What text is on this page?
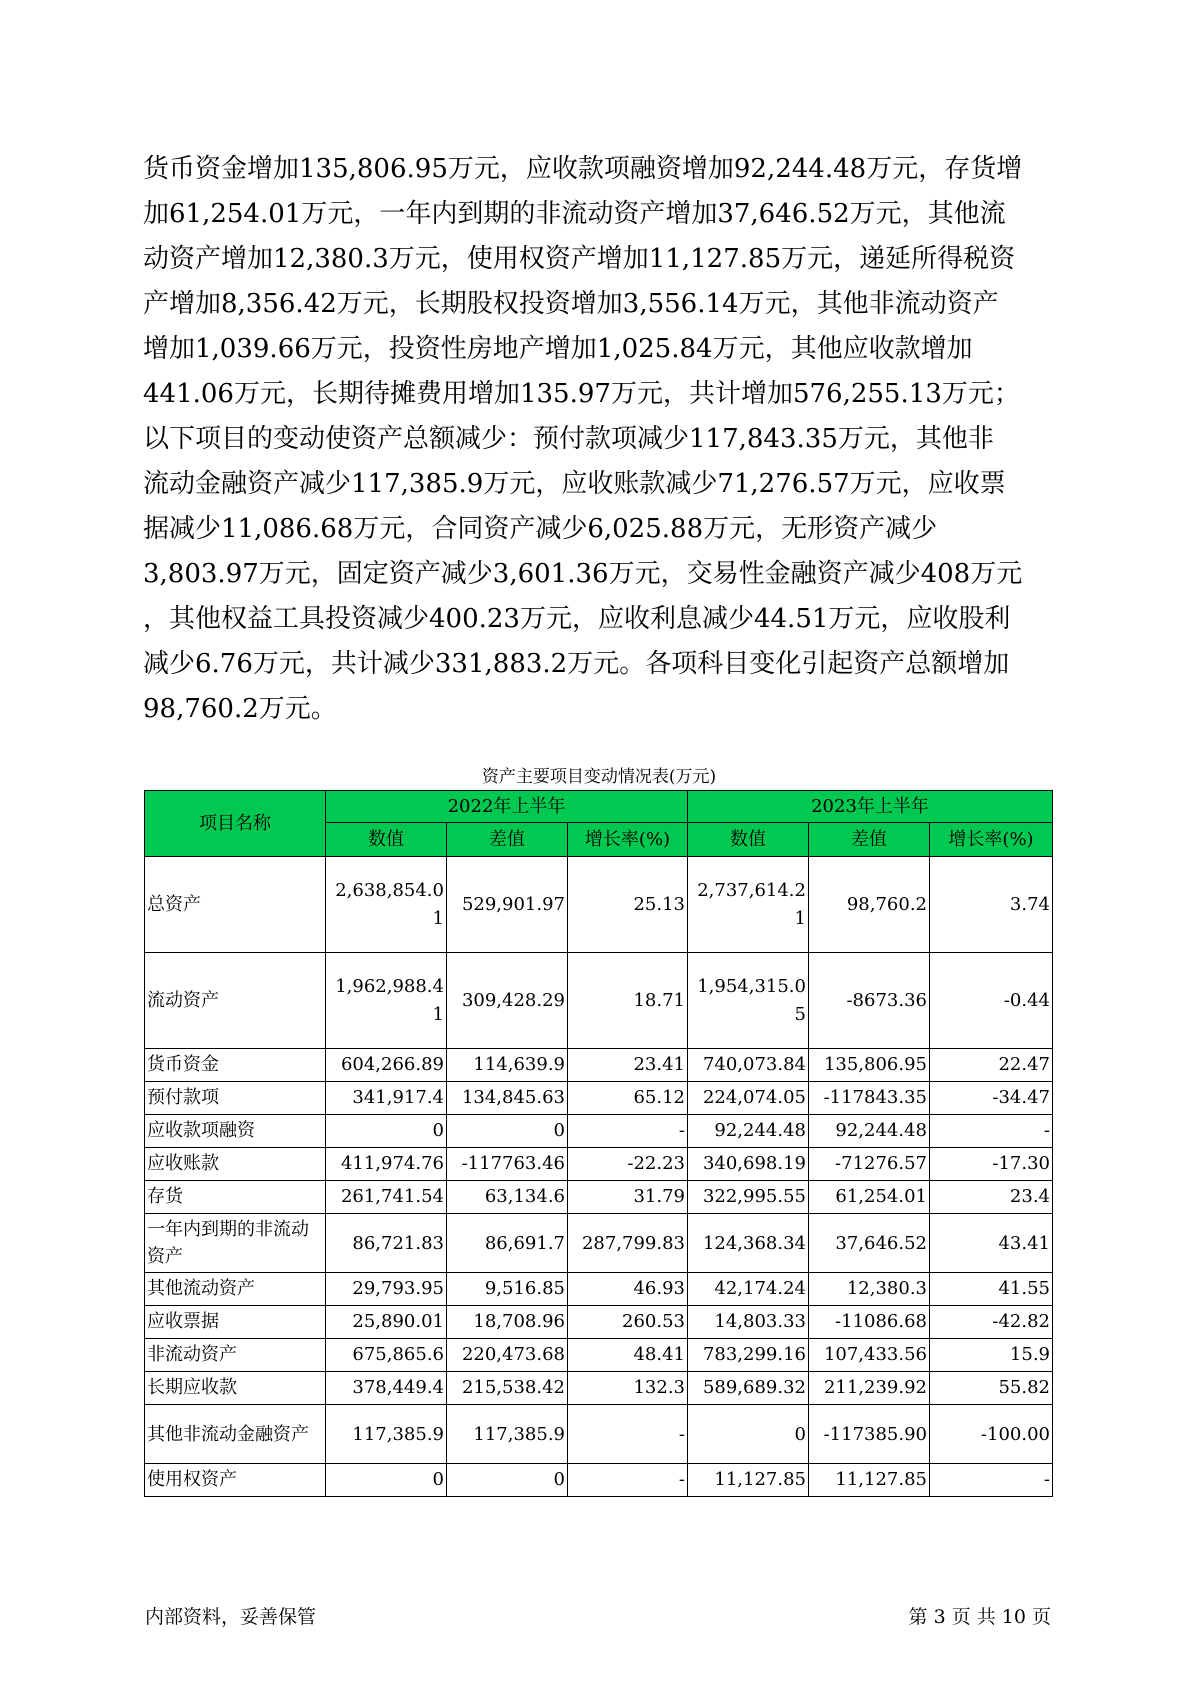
货币资金增加135,806.95万元，应收款项融资增加92,244.48万元，存货增
加61,254.01万元，一年内到期的非流动资产增加37,646.52万元，其他流
动资产增加12,380.3万元，使用权资产增加11,127.85万元，递延所得税资
产增加8,356.42万元，长期股权投资增加3,556.14万元，其他非流动资产
增加1,039.66万元，投资性房地产增加1,025.84万元，其他应收款增加
441.06万元，长期待摊费用增加135.97万元，共计增加576,255.13万元；
以下项目的变动使资产总额减少：预付款项减少117,843.35万元，其他非
流动金融资产减少117,385.9万元，应收账款减少71,276.57万元，应收票
据减少11,086.68万元，合同资产减少6,025.88万元，无形资产减少
3,803.97万元，固定资产减少3,601.36万元，交易性金融资产减少408万元
，其他权益工具投资减少400.23万元，应收利息减少44.51万元，应收股利
减少6.76万元，共计减少331,883.2万元。各项科目变化引起资产总额增加
98,760.2万元。
资产主要项目变动情况表(万元)
项目名称	2022年上半年			2023年上半年		
	数值	差值	增长率(%)	数值	差值	增长率(%)
总资产	2,638,854.01	529,901.97	25.13	2,737,614.21	98,760.2	3.74
流动资产	1,962,988.41	309,428.29	18.71	1,954,315.05	-8673.36	-0.44
货币资金	604,266.89	114,639.9	23.41	740,073.84	135,806.95	22.47
预付款项	341,917.4	134,845.63	65.12	224,074.05	-117843.35	-34.47
应收款项融资	0	0	-	92,244.48	92,244.48	-
应收账款	411,974.76	-117763.46	-22.23	340,698.19	-71276.57	-17.30
存货	261,741.54	63,134.6	31.79	322,995.55	61,254.01	23.4
一年内到期的非流动资产	86,721.83	86,691.7	287,799.83	124,368.34	37,646.52	43.41
其他流动资产	29,793.95	9,516.85	46.93	42,174.24	12,380.3	41.55
应收票据	25,890.01	18,708.96	260.53	14,803.33	-11086.68	-42.82
非流动资产	675,865.6	220,473.68	48.41	783,299.16	107,433.56	15.9
长期应收款	378,449.4	215,538.42	132.3	589,689.32	211,239.92	55.82
其他非流动金融资产	117,385.9	117,385.9	-	0	-117385.90	-100.00
使用权资产	0	0	-	11,127.85	11,127.85	-
内部资料，妥善保管	第 3 页 共 10 页
